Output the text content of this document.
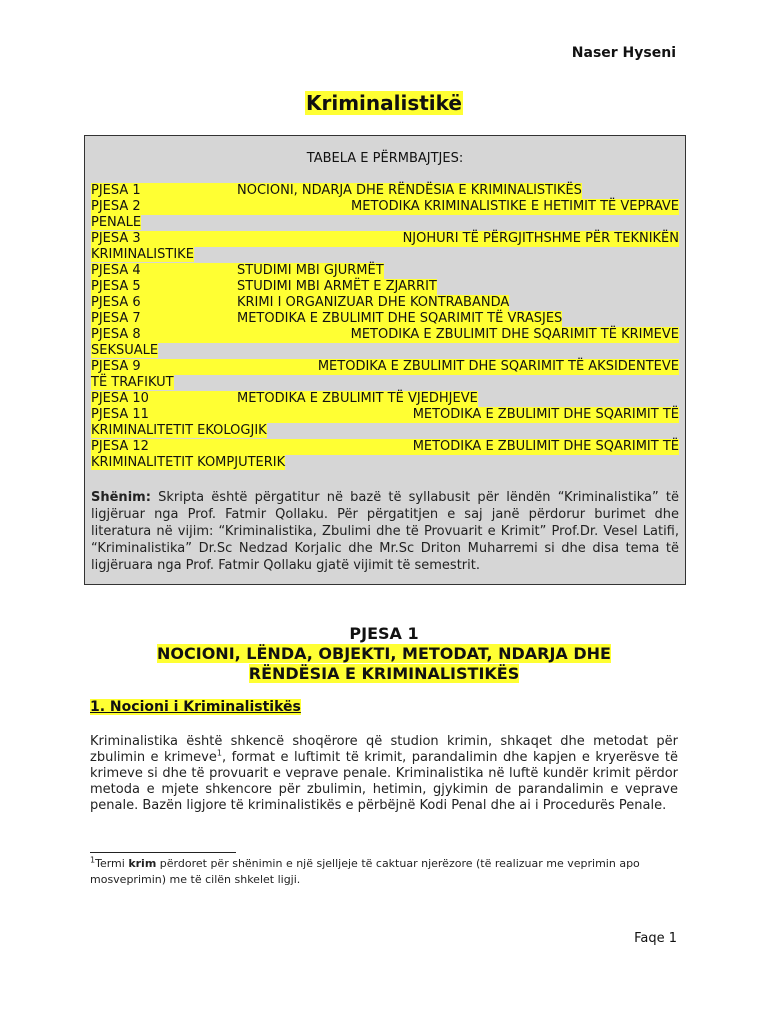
Naser Hyseni
Kriminalistikë
TABELA E PËRMBAJTJES:
PJESA 1	NOCIONI, NDARJA DHE RËNDËSIA E KRIMINALISTIKËS
PJESA 2	METODIKA KRIMINALISTIKE E HETIMIT TË VEPRAVE
PENALE
PJESA 3	NJOHURI TË PËRGJITHSHME PËR TEKNIKËN
KRIMINALISTIKE
PJESA 4	STUDIMI MBI GJURMËT
PJESA 5	STUDIMI MBI ARMËT E ZJARRIT
PJESA 6	KRIMI I ORGANIZUAR DHE KONTRABANDA
PJESA 7	METODIKA E ZBULIMIT DHE SQARIMIT TË VRASJES
PJESA 8	METODIKA E ZBULIMIT DHE SQARIMIT TË KRIMEVE
SEKSUALE
PJESA 9	METODIKA E ZBULIMIT DHE SQARIMIT TË AKSIDENTEVE
TË TRAFIKUT
PJESA 10	METODIKA E ZBULIMIT TË VJEDHJEVE
PJESA 11	METODIKA E ZBULIMIT DHE SQARIMIT TË
KRIMINALITETIT EKOLOGJIK
PJESA 12	METODIKA E ZBULIMIT DHE SQARIMIT TË
KRIMINALITETIT KOMPJUTERIK
Shënim: Skripta është përgatitur në bazë të syllabusit për lëndën “Kriminalistika” të ligjëruar nga Prof. Fatmir Qollaku. Për përgatitjen e saj janë përdorur burimet dhe literatura në vijim: “Kriminalistika, Zbulimi dhe të Provuarit e Krimit” Prof.Dr. Vesel Latifi, “Kriminalistika” Dr.Sc Nedzad Korjalic dhe Mr.Sc Driton Muharremi si dhe disa tema të ligjëruara nga Prof. Fatmir Qollaku gjatë vijimit të semestrit.
PJESA 1
NOCIONI, LËNDA, OBJEKTI, METODAT, NDARJA DHE
RËNDËSIA E KRIMINALISTIKËS
1. Nocioni i Kriminalistikës
Kriminalistika është shkencë shoqërore që studion krimin, shkaqet dhe metodat për zbulimin e krimeve$^1$, format e luftimit të krimit, parandalimin dhe kapjen e kryerësve të krimeve si dhe të provuarit e veprave penale. Kriminalistika në luftë kundër krimit përdor metoda e mjete shkencore për zbulimin, hetimin, gjykimin de parandalimin e veprave penale. Bazën ligjore të kriminalistikës e përbëjnë Kodi Penal dhe ai i Procedurës Penale.
$^1$Termi krim përdoret për shënimin e një sjelljeje të caktuar njerëzore (të realizuar me veprimin apo mosveprimin) me të cilën shkelet ligji.
Faqe 1
